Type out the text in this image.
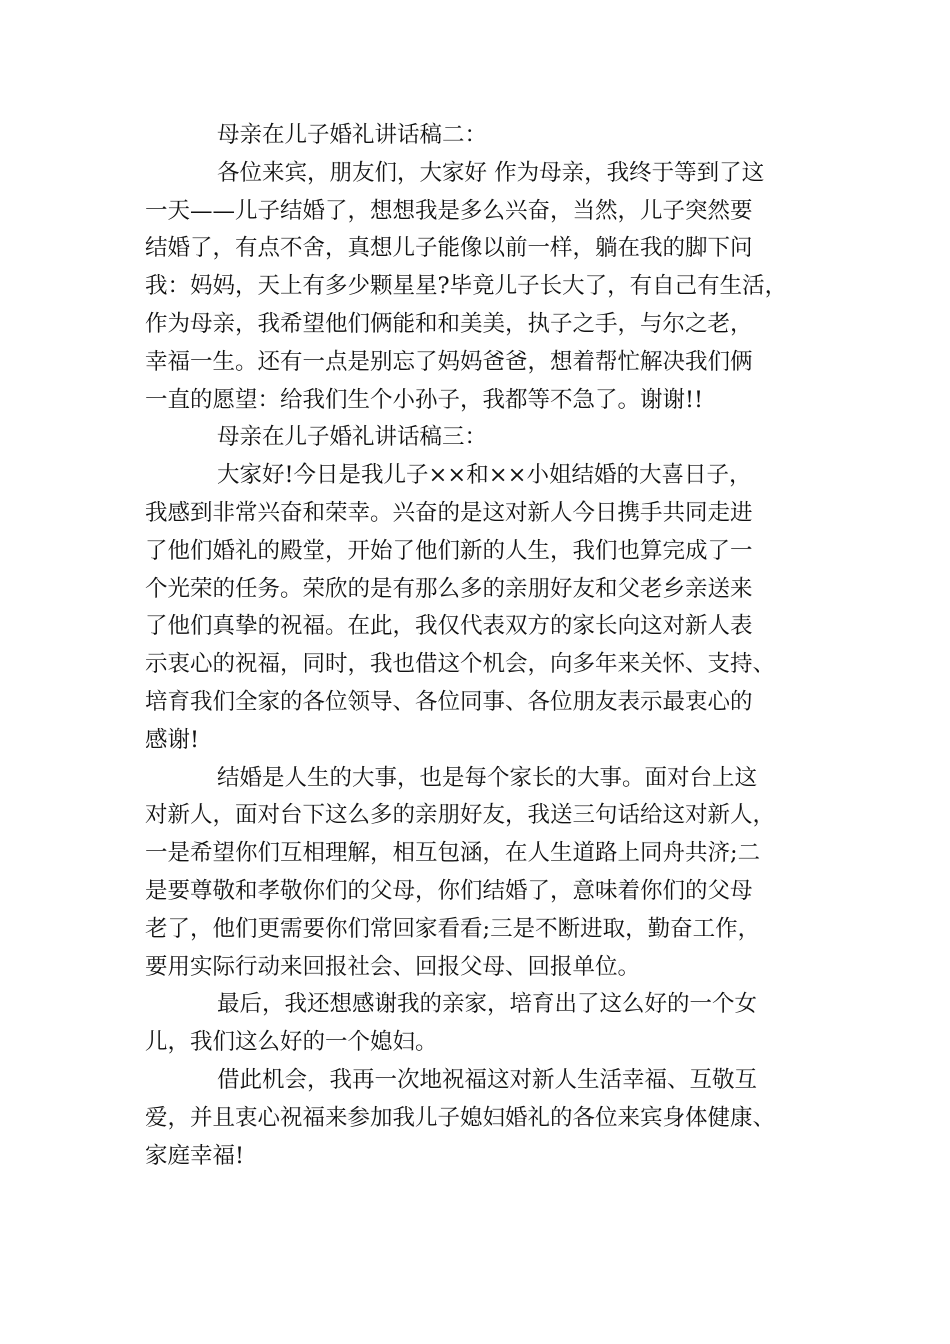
母亲在儿子婚礼讲话稿二：
各位来宾，朋友们，大家好 作为母亲，我终于等到了这
一天——儿子结婚了，想想我是多么兴奋，当然，儿子突然要
结婚了，有点不舍，真想儿子能像以前一样，躺在我的脚下问
我：妈妈，天上有多少颗星星?毕竟儿子长大了，有自己有生活，
作为母亲，我希望他们俩能和和美美，执子之手，与尔之老，
幸福一生。还有一点是别忘了妈妈爸爸，想着帮忙解决我们俩
一直的愿望：给我们生个小孙子，我都等不急了。谢谢!!
母亲在儿子婚礼讲话稿三：
大家好!今日是我儿子××和××小姐结婚的大喜日子，
我感到非常兴奋和荣幸。兴奋的是这对新人今日携手共同走进
了他们婚礼的殿堂，开始了他们新的人生，我们也算完成了一
个光荣的任务。荣欣的是有那么多的亲朋好友和父老乡亲送来
了他们真挚的祝福。在此，我仅代表双方的家长向这对新人表
示衷心的祝福，同时，我也借这个机会，向多年来关怀、支持、
培育我们全家的各位领导、各位同事、各位朋友表示最衷心的
感谢!
结婚是人生的大事，也是每个家长的大事。面对台上这
对新人，面对台下这么多的亲朋好友，我送三句话给这对新人，
一是希望你们互相理解，相互包涵，在人生道路上同舟共济;二
是要尊敬和孝敬你们的父母，你们结婚了，意味着你们的父母
老了，他们更需要你们常回家看看;三是不断进取，勤奋工作，
要用实际行动来回报社会、回报父母、回报单位。
最后，我还想感谢我的亲家，培育出了这么好的一个女
儿，我们这么好的一个媳妇。
借此机会，我再一次地祝福这对新人生活幸福、互敬互
爱，并且衷心祝福来参加我儿子媳妇婚礼的各位来宾身体健康、
家庭幸福!
